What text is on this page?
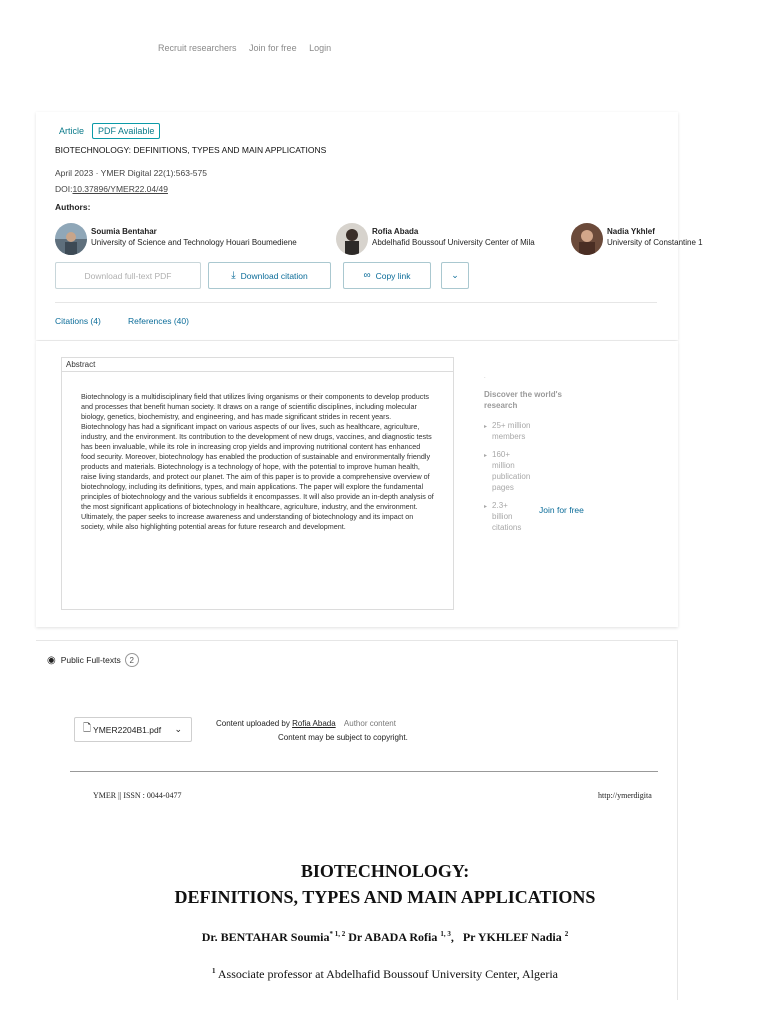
Recruit researchers Join for free Login
Article	PDF Available
BIOTECHNOLOGY: DEFINITIONS, TYPES AND MAIN APPLICATIONS
April 2023 · YMER Digital 22(1):563-575
DOI:10.37896/YMER22.04/49
Authors:
Soumia Bentahar
University of Science and Technology Houari Boumediene
Rofia Abada
Abdelhafid Boussouf University Center of Mila
Nadia Ykhlef
University of Constantine 1
Download full-text PDF	⤓ Download citation	∞ Copy link	⌄
Citations (4)	References (40)
Abstract
Biotechnology is a multidisciplinary field that utilizes living organisms or their components to develop products and processes that benefit human society. It draws on a range of scientific disciplines, including molecular biology, genetics, biochemistry, and engineering, and has made significant strides in recent years. Biotechnology has had a significant impact on various aspects of our lives, such as healthcare, agriculture, industry, and the environment. Its contribution to the development of new drugs, vaccines, and diagnostic tests has been invaluable, while its role in increasing crop yields and improving nutritional content has enhanced food security. Moreover, biotechnology has enabled the production of sustainable and environmentally friendly products and materials. Biotechnology is a technology of hope, with the potential to improve human health, raise living standards, and protect our planet. The aim of this paper is to provide a comprehensive overview of biotechnology, including its definitions, types, and main applications. The paper will explore the fundamental principles of biotechnology and the various subfields it encompasses. It will also provide an in-depth analysis of the most significant applications of biotechnology in healthcare, agriculture, industry, and the environment. Ultimately, the paper seeks to increase awareness and understanding of biotechnology and its impact on society, while also highlighting potential areas for future research and development.
.
Discover the world's research
▸ 25+ million members
▸ 160+ million publication pages
▸ 2.3+ billion citations
Join for free
◉ Public Full-texts	2
🗋 YMER2204B1.pdf ⌄
Content uploaded by Rofia Abada Author content
Content may be subject to copyright.
YMER || ISSN : 0044-0477	http://ymerdigita
BIOTECHNOLOGY:
DEFINITIONS, TYPES AND MAIN APPLICATIONS
Dr. BENTAHAR Soumia$^{* 1, 2}$ Dr ABADA Rofia $^{1, 3}$,   Pr YKHLEF Nadia $^2$
$^1$ Associate professor at Abdelhafid Boussouf University Center, Algeria
